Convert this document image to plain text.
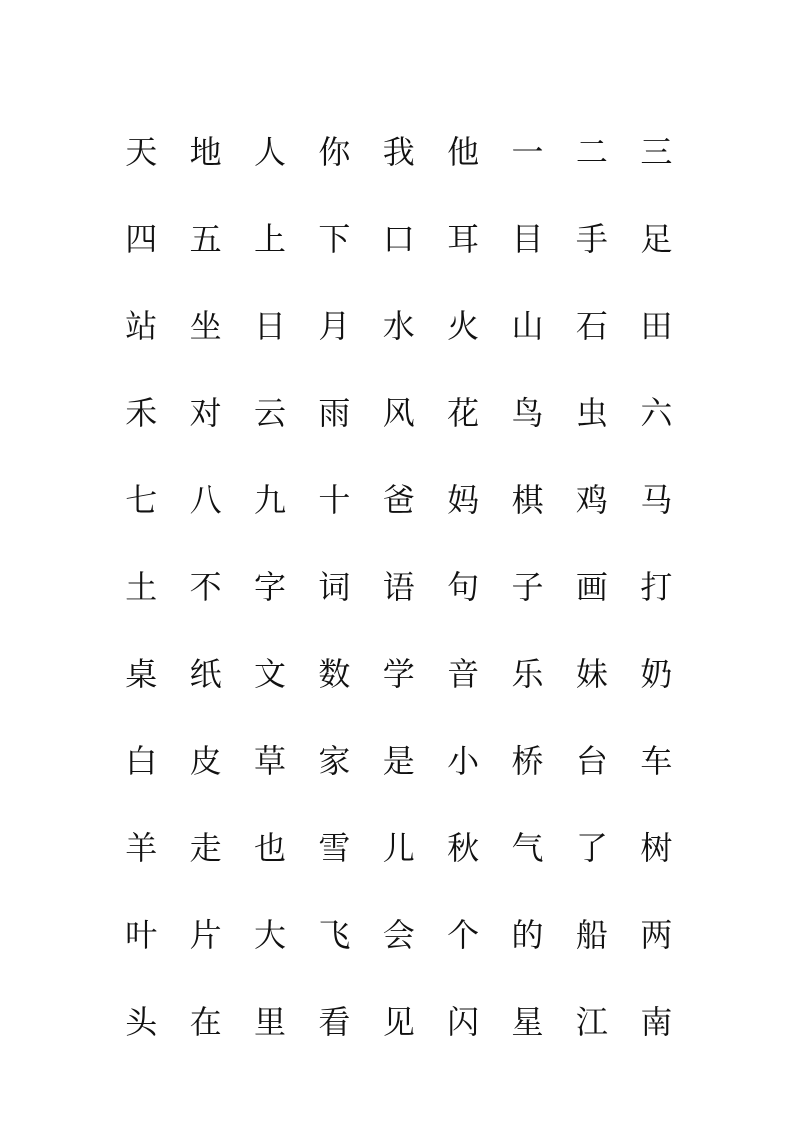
天	地	人	你	我	他	一	二	三
四	五	上	下	口	耳	目	手	足
站	坐	日	月	水	火	山	石	田
禾	对	云	雨	风	花	鸟	虫	六
七	八	九	十	爸	妈	棋	鸡	马
土	不	字	词	语	句	子	画	打
桌	纸	文	数	学	音	乐	妹	奶
白	皮	草	家	是	小	桥	台	车
羊	走	也	雪	儿	秋	气	了	树
叶	片	大	飞	会	个	的	船	两
头	在	里	看	见	闪	星	江	南
